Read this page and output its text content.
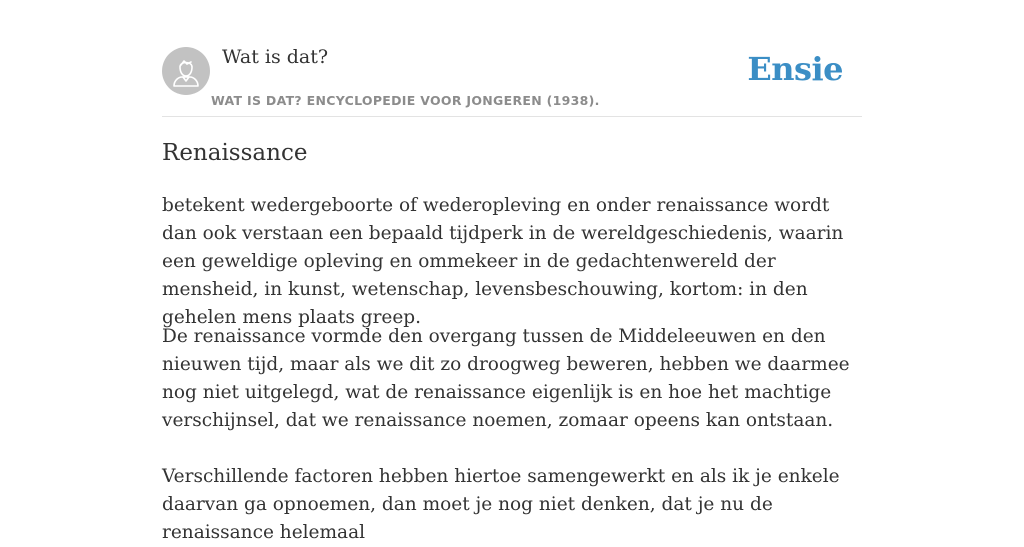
Wat is dat?
WAT IS DAT? ENCYCLOPEDIE VOOR JONGEREN (1938).
Ensie
Renaissance

betekent wedergeboorte of wederopleving en onder renaissance wordt dan ook verstaan een bepaald tijdperk in de wereldgeschiedenis, waarin een geweldige opleving en ommekeer in de gedachtenwereld der mensheid, in kunst, wetenschap, levensbeschouwing, kortom: in den gehelen mens plaats greep.

De renaissance vormde den overgang tussen de Middeleeuwen en den nieuwen tijd, maar als we dit zo droogweg beweren, hebben we daarmee nog niet uitgelegd, wat de renaissance eigenlijk is en hoe het machtige verschijnsel, dat we renaissance noemen, zomaar opeens kan ontstaan.

Verschillende factoren hebben hiertoe samengewerkt en als ik je enkele daarvan ga opnoemen, dan moet je nog niet denken, dat je nu de renaissance helemaal
